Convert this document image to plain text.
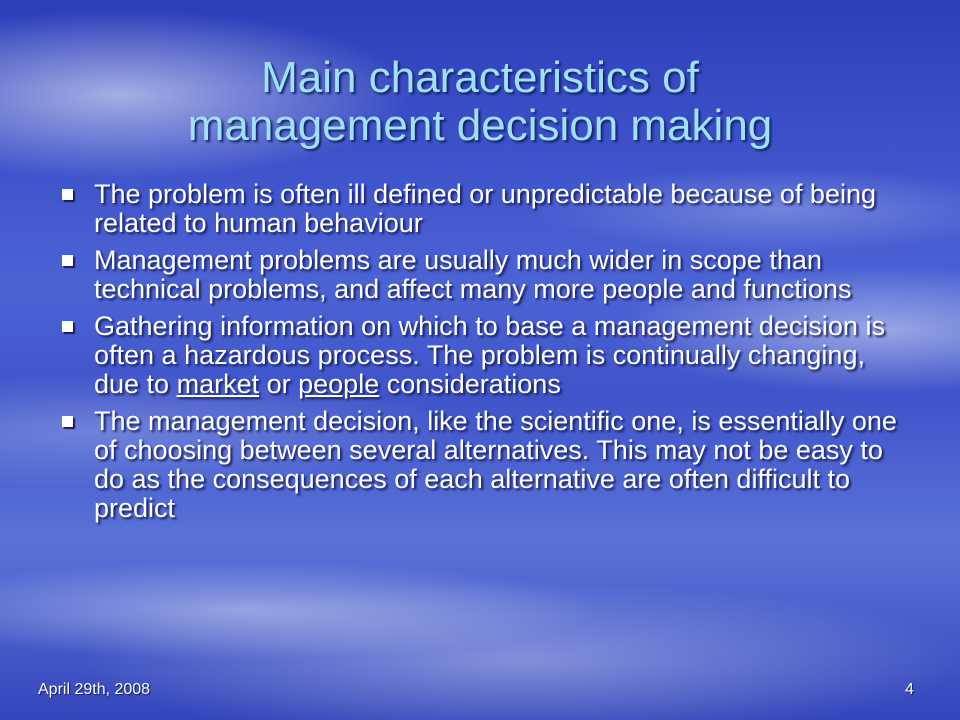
Main characteristics of
management decision making
The problem is often ill defined or unpredictable because of being related to human behaviour
Management problems are usually much wider in scope than technical problems, and affect many more people and functions
Gathering information on which to base a management decision is often a hazardous process. The problem is continually changing, due to market or people considerations
The management decision, like the scientific one, is essentially one of choosing between several alternatives. This may not be easy to do as the consequences of each alternative are often difficult to predict
April 29th, 2008	4
